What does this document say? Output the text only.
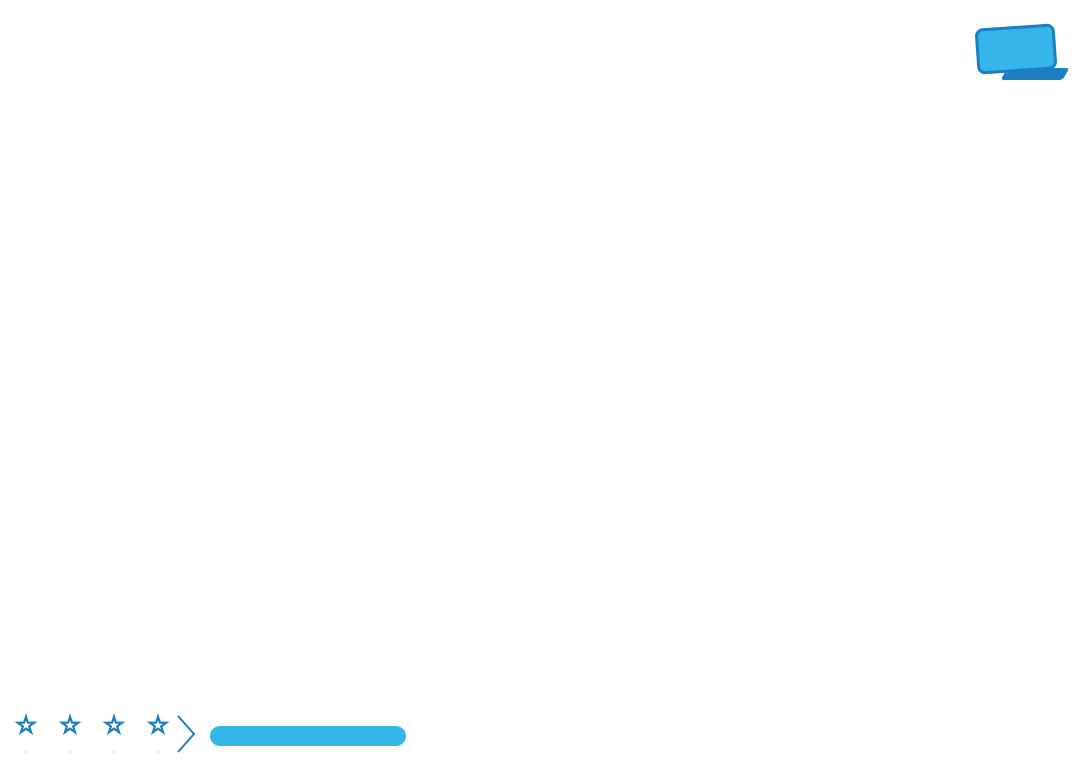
☆ ☆ ☆ ☆
